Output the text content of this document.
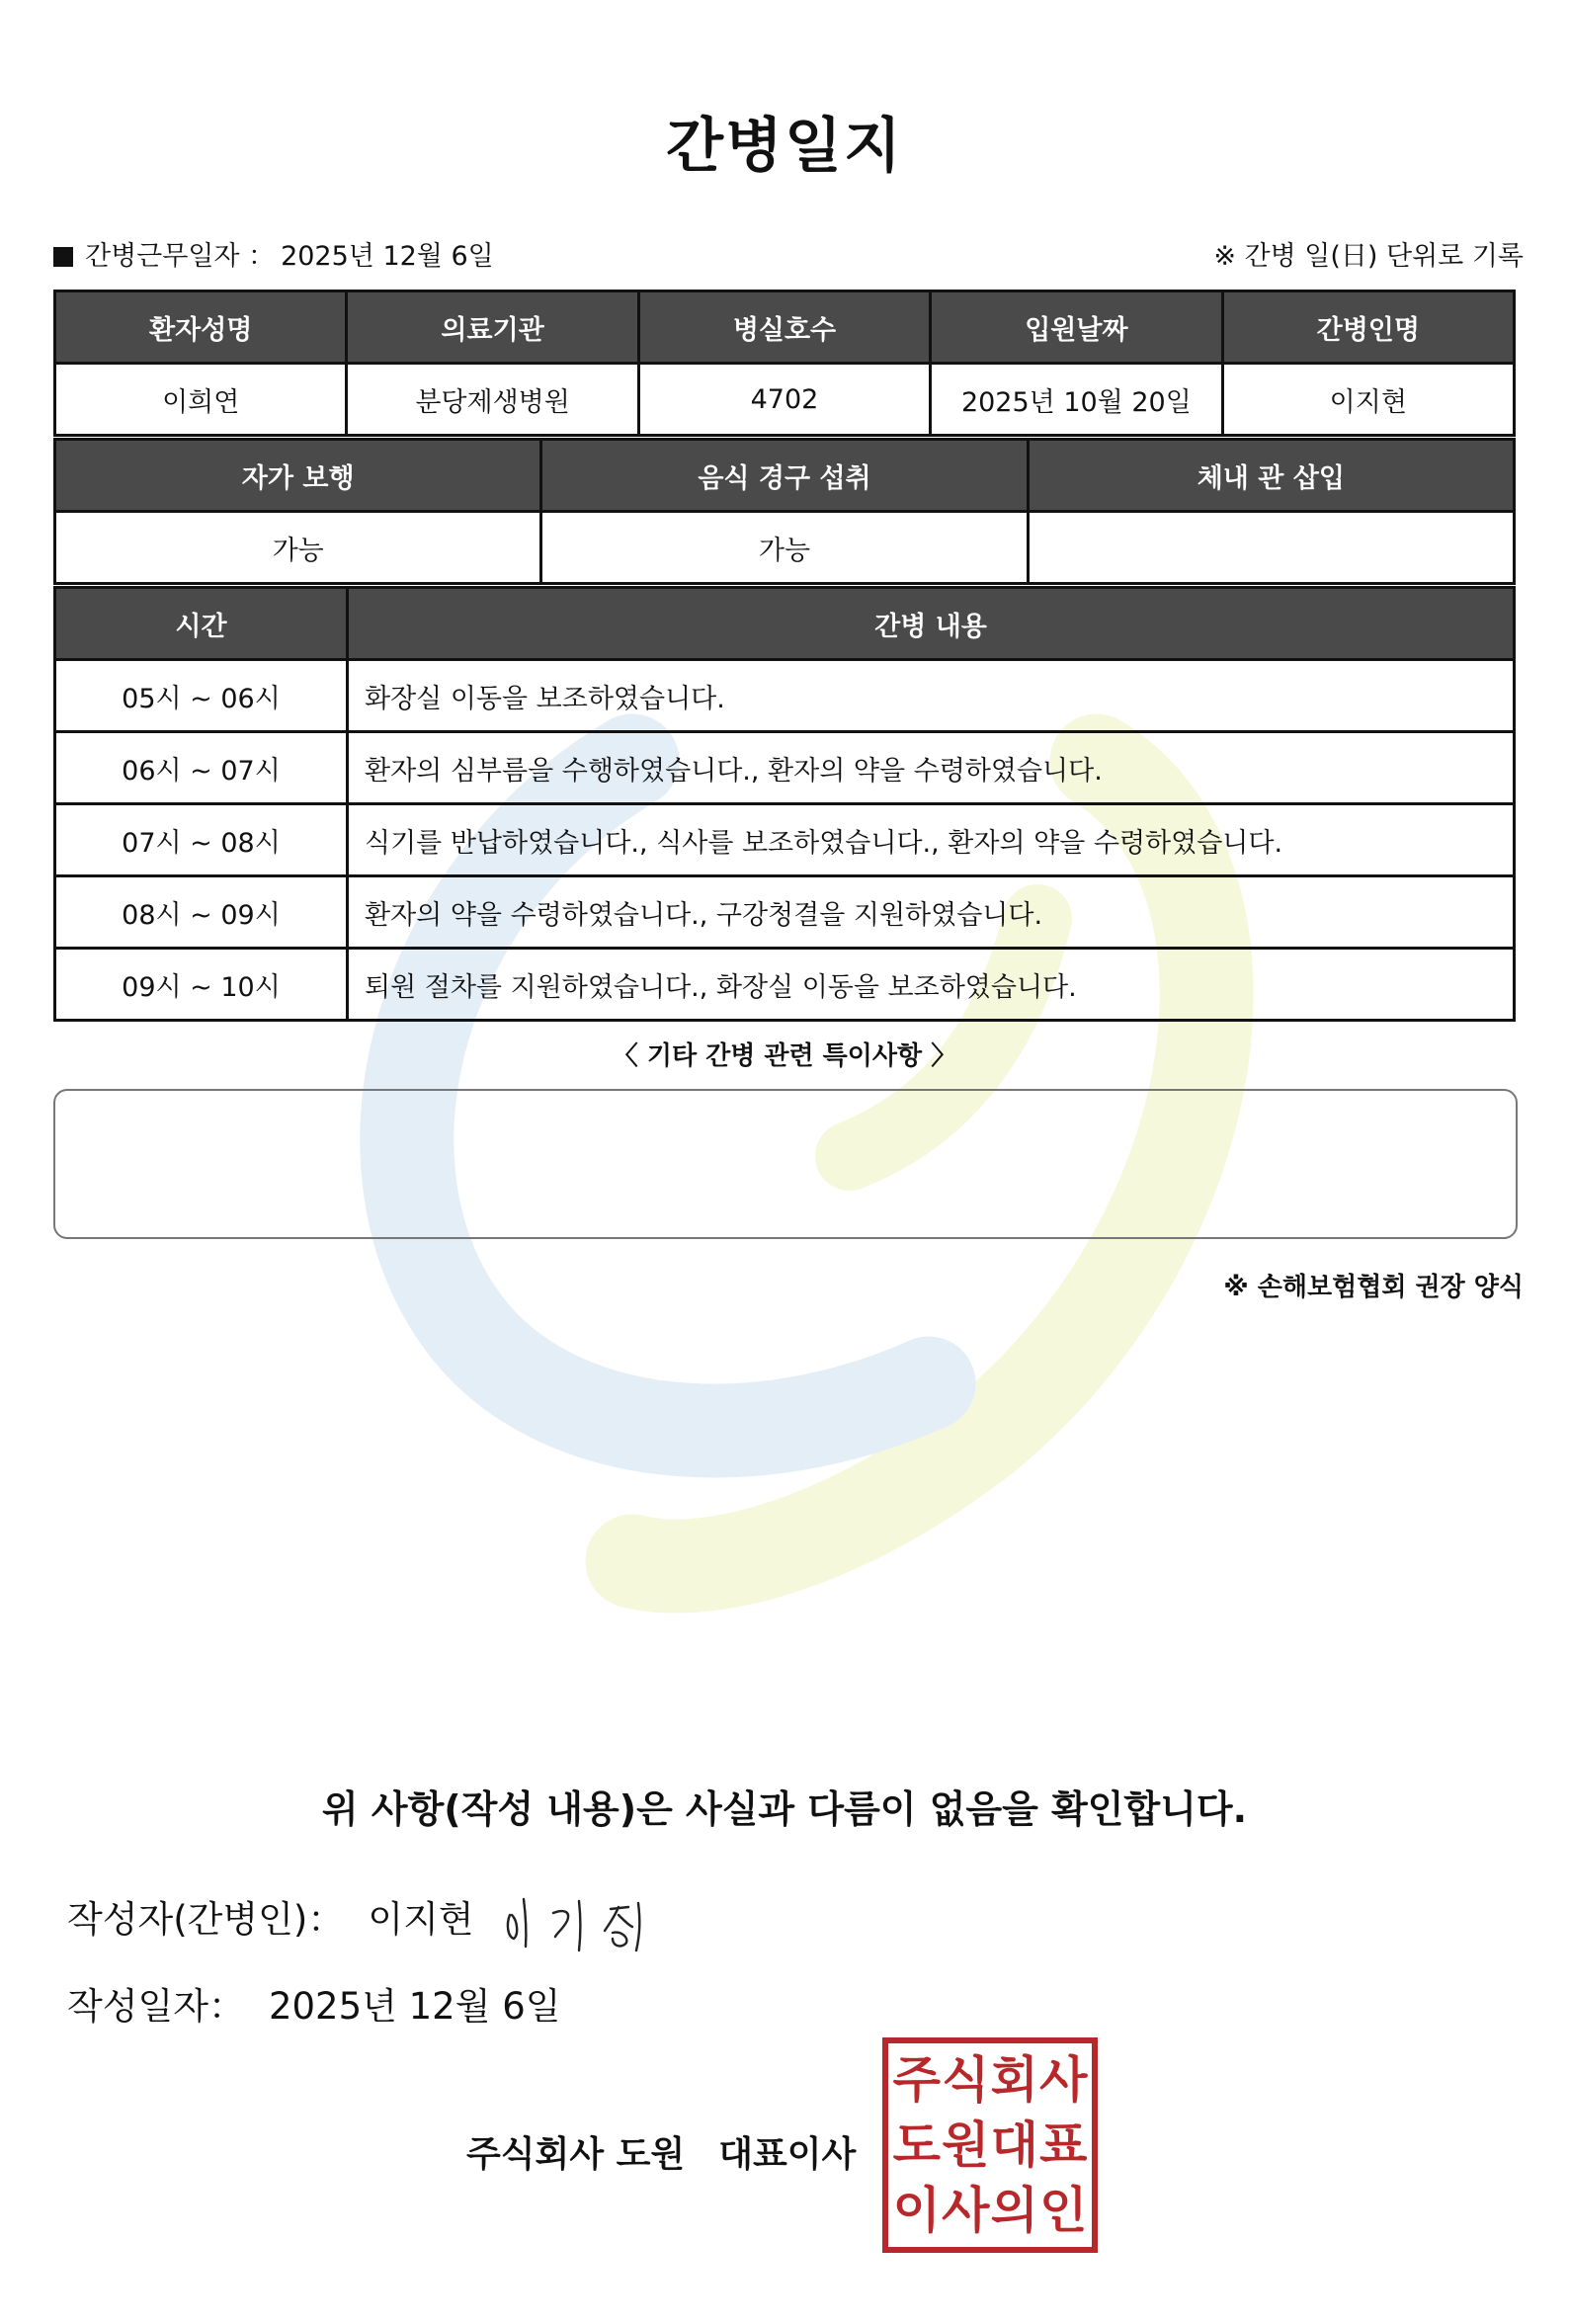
간병일지
간병근무일자 ： 2025년 12월 6일	※ 간병 일(日) 단위로 기록
환자성명	의료기관	병실호수	입원날짜	간병인명
이희연	분당제생병원	4702	2025년 10월 20일	이지현
자가 보행	음식 경구 섭취	체내 관 삽입
가능	가능	
시간	간병 내용
05시 ~ 06시	화장실 이동을 보조하였습니다.
06시 ~ 07시	환자의 심부름을 수행하였습니다., 환자의 약을 수령하였습니다.
07시 ~ 08시	식기를 반납하였습니다., 식사를 보조하였습니다., 환자의 약을 수령하였습니다.
08시 ~ 09시	환자의 약을 수령하였습니다., 구강청결을 지원하였습니다.
09시 ~ 10시	퇴원 절차를 지원하였습니다., 화장실 이동을 보조하였습니다.
〈 기타 간병 관련 특이사항 〉
※ 손해보험협회 권장 양식
위 사항(작성 내용)은 사실과 다름이 없음을 확인합니다.
작성자(간병인)： 이지현
작성일자： 2025년 12월 6일
주식회사 도원 대표이사
주 식 회 사
도 원 대 표
이 사 의 인
